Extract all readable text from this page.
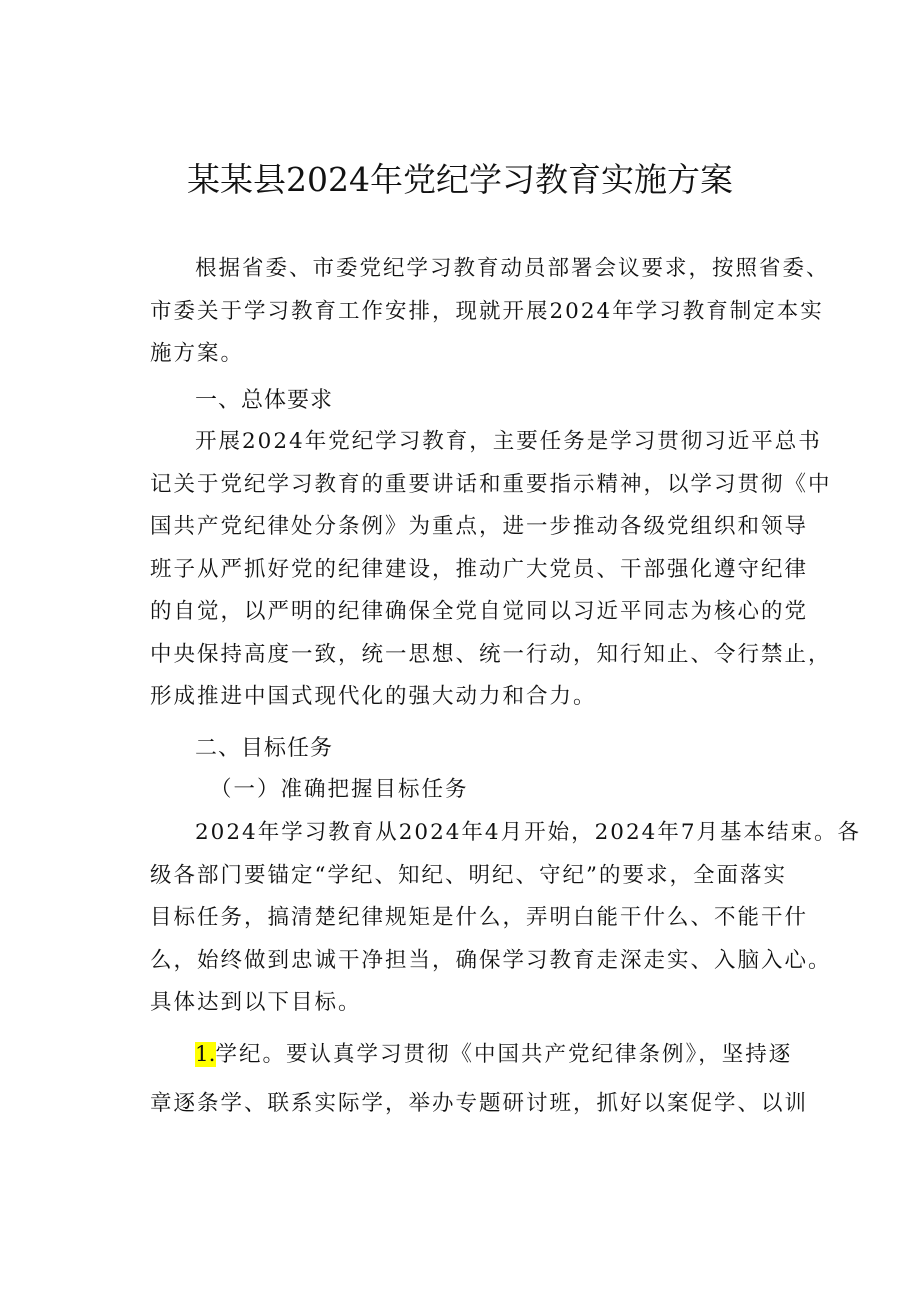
某某县2024年党纪学习教育实施方案
根据省委、市委党纪学习教育动员部署会议要求，按照省委、
市委关于学习教育工作安排，现就开展2024年学习教育制定本实
施方案。
一、总体要求
开展2024年党纪学习教育，主要任务是学习贯彻习近平总书
记关于党纪学习教育的重要讲话和重要指示精神，以学习贯彻《中
国共产党纪律处分条例》为重点，进一步推动各级党组织和领导
班子从严抓好党的纪律建设，推动广大党员、干部强化遵守纪律
的自觉，以严明的纪律确保全党自觉同以习近平同志为核心的党
中央保持高度一致，统一思想、统一行动，知行知止、令行禁止，
形成推进中国式现代化的强大动力和合力。
二、目标任务
（一）准确把握目标任务
2024年学习教育从2024年4月开始，2024年7月基本结束。各
级各部门要锚定“学纪、知纪、明纪、守纪”的要求，全面落实
目标任务，搞清楚纪律规矩是什么，弄明白能干什么、不能干什
么，始终做到忠诚干净担当，确保学习教育走深走实、入脑入心。
具体达到以下目标。
1.学纪。要认真学习贯彻《中国共产党纪律条例》，坚持逐
章逐条学、联系实际学，举办专题研讨班，抓好以案促学、以训
